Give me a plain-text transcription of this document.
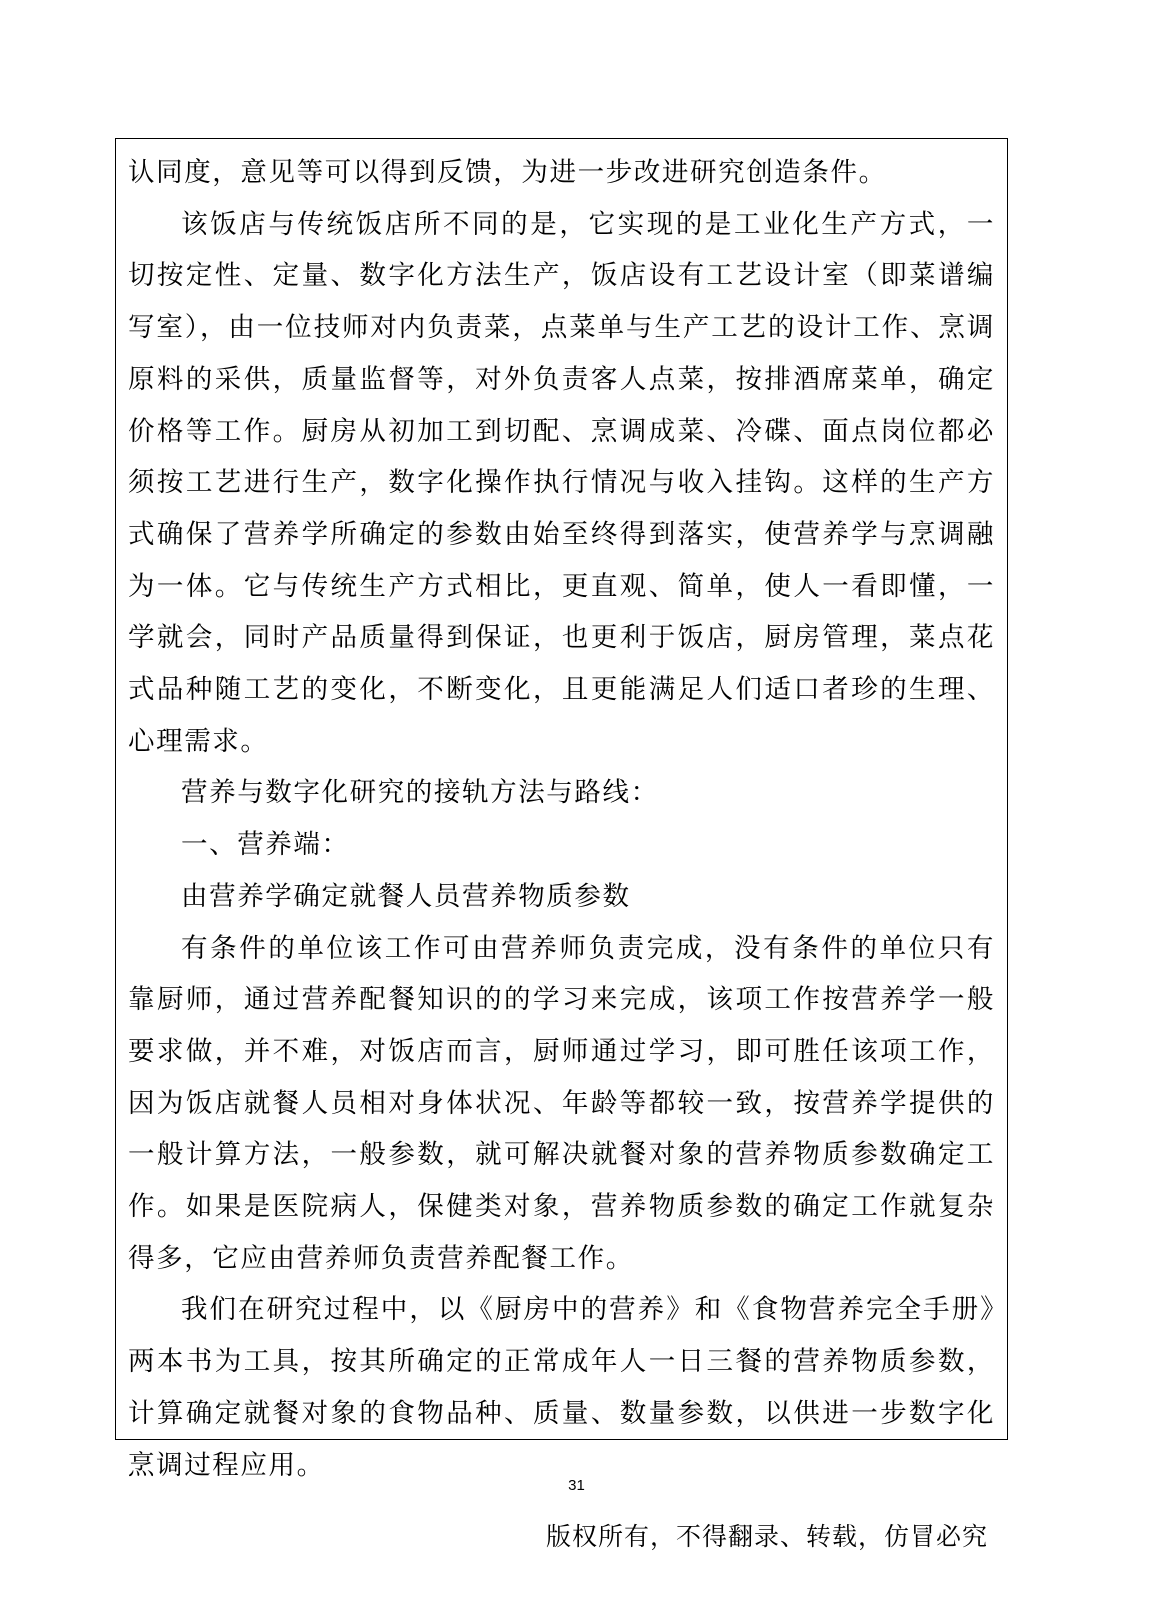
认同度，意见等可以得到反馈，为进一步改进研究创造条件。

该饭店与传统饭店所不同的是，它实现的是工业化生产方式，一切按定性、定量、数字化方法生产，饭店设有工艺设计室（即菜谱编写室），由一位技师对内负责菜，点菜单与生产工艺的设计工作、烹调原料的采供，质量监督等，对外负责客人点菜，按排酒席菜单，确定价格等工作。厨房从初加工到切配、烹调成菜、冷碟、面点岗位都必须按工艺进行生产，数字化操作执行情况与收入挂钩。这样的生产方式确保了营养学所确定的参数由始至终得到落实，使营养学与烹调融为一体。它与传统生产方式相比，更直观、简单，使人一看即懂，一学就会，同时产品质量得到保证，也更利于饭店，厨房管理，菜点花式品种随工艺的变化，不断变化，且更能满足人们适口者珍的生理、心理需求。

营养与数字化研究的接轨方法与路线：

一、营养端：

由营养学确定就餐人员营养物质参数

有条件的单位该工作可由营养师负责完成，没有条件的单位只有靠厨师，通过营养配餐知识的的学习来完成，该项工作按营养学一般要求做，并不难，对饭店而言，厨师通过学习，即可胜任该项工作，因为饭店就餐人员相对身体状况、年龄等都较一致，按营养学提供的一般计算方法，一般参数，就可解决就餐对象的营养物质参数确定工作。如果是医院病人，保健类对象，营养物质参数的确定工作就复杂得多，它应由营养师负责营养配餐工作。

我们在研究过程中，以《厨房中的营养》和《食物营养完全手册》两本书为工具，按其所确定的正常成年人一日三餐的营养物质参数，计算确定就餐对象的食物品种、质量、数量参数，以供进一步数字化烹调过程应用。

31
版权所有，不得翻录、转载，仿冒必究
